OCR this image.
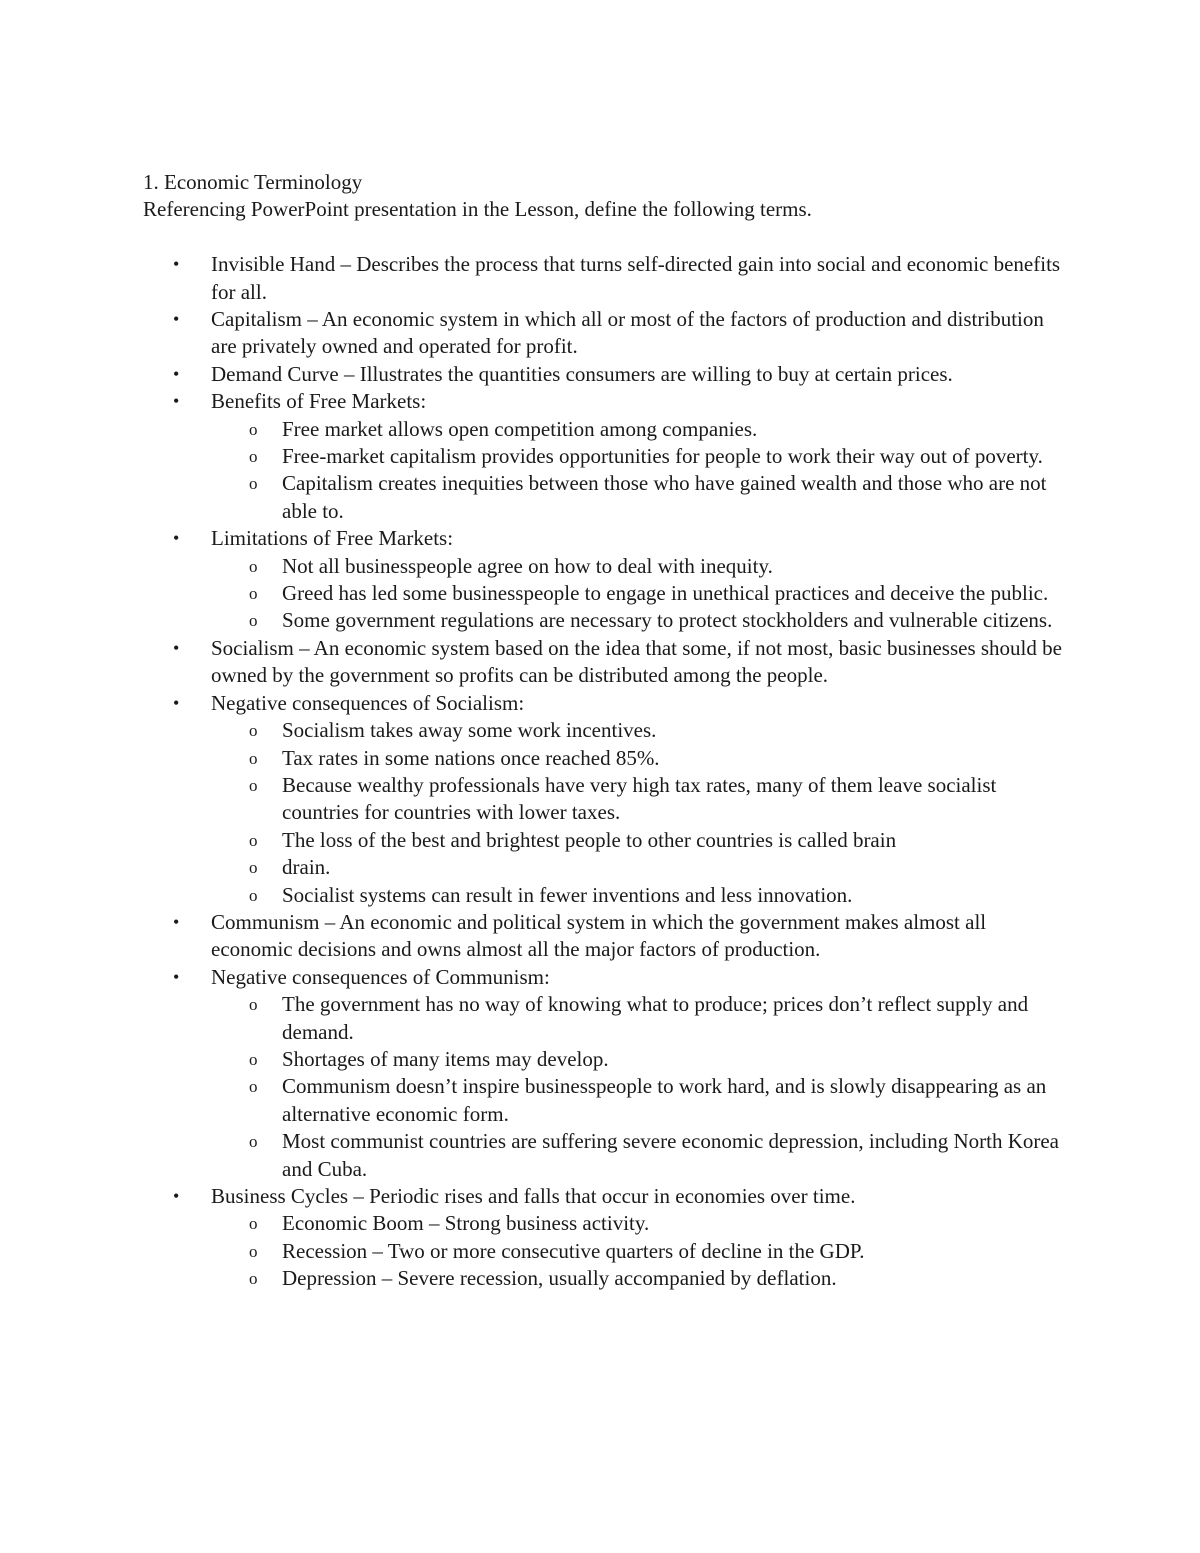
1. Economic Terminology

Referencing PowerPoint presentation in the Lesson, define the following terms.

•	Invisible Hand – Describes the process that turns self-directed gain into social and economic benefits for all.
•	Capitalism – An economic system in which all or most of the factors of production and distribution are privately owned and operated for profit.
•	Demand Curve – Illustrates the quantities consumers are willing to buy at certain prices.
•	Benefits of Free Markets:
o Free market allows open competition among companies.
o Free-market capitalism provides opportunities for people to work their way out of poverty.
o Capitalism creates inequities between those who have gained wealth and those who are not able to.
•	Limitations of Free Markets:
o Not all businesspeople agree on how to deal with inequity.
o Greed has led some businesspeople to engage in unethical practices and deceive the public.
o Some government regulations are necessary to protect stockholders and vulnerable citizens.
•	Socialism – An economic system based on the idea that some, if not most, basic businesses should be owned by the government so profits can be distributed among the people.
•	Negative consequences of Socialism:
o Socialism takes away some work incentives.
o Tax rates in some nations once reached 85%.
o Because wealthy professionals have very high tax rates, many of them leave socialist countries for countries with lower taxes.
o The loss of the best and brightest people to other countries is called brain
o drain.
o Socialist systems can result in fewer inventions and less innovation.
•	Communism – An economic and political system in which the government makes almost all economic decisions and owns almost all the major factors of production.
•	Negative consequences of Communism:
o The government has no way of knowing what to produce; prices don’t reflect supply and demand.
o Shortages of many items may develop.
o Communism doesn’t inspire businesspeople to work hard, and is slowly disappearing as an alternative economic form.
o Most communist countries are suffering severe economic depression, including North Korea and Cuba.
•	Business Cycles – Periodic rises and falls that occur in economies over time.
o Economic Boom – Strong business activity.
o Recession – Two or more consecutive quarters of decline in the GDP.
o Depression – Severe recession, usually accompanied by deflation.
